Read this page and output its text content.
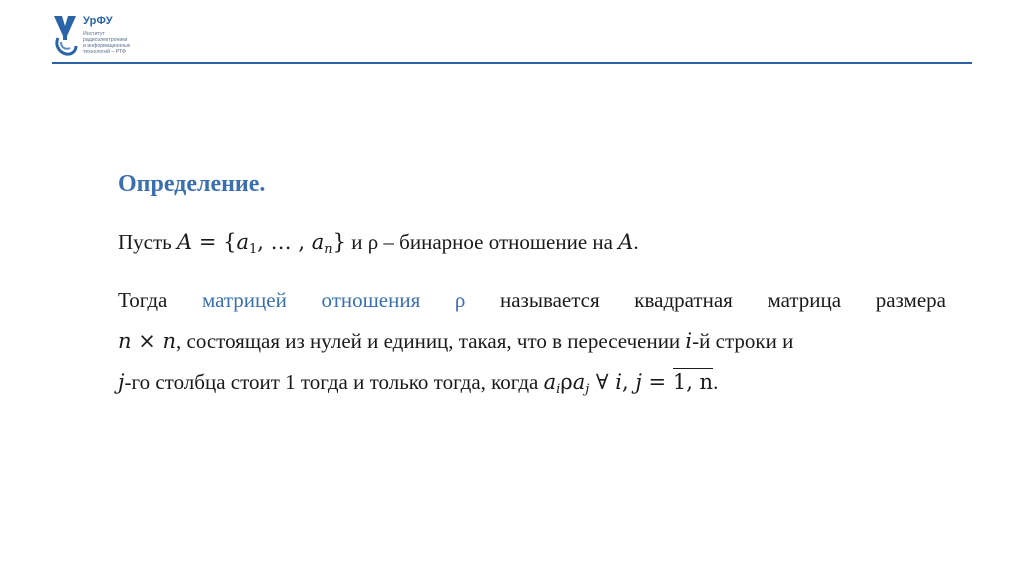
УрФУ
Институт
радиоэлектроники
и информационных
технологий – РТФ
Определение.

Пусть $A = \{a_1$, … , $a_n$} и ρ – бинарное отношение на A.

Тогда матрицей отношения ρ называется квадратная матрица размера
n × n, состоящая из нулей и единиц, такая, что в пересечении i-й строки и
j-го столбца стоит 1 тогда и только тогда, когда $a_i\rho a_j$ ∀ i, j = 1, n.
